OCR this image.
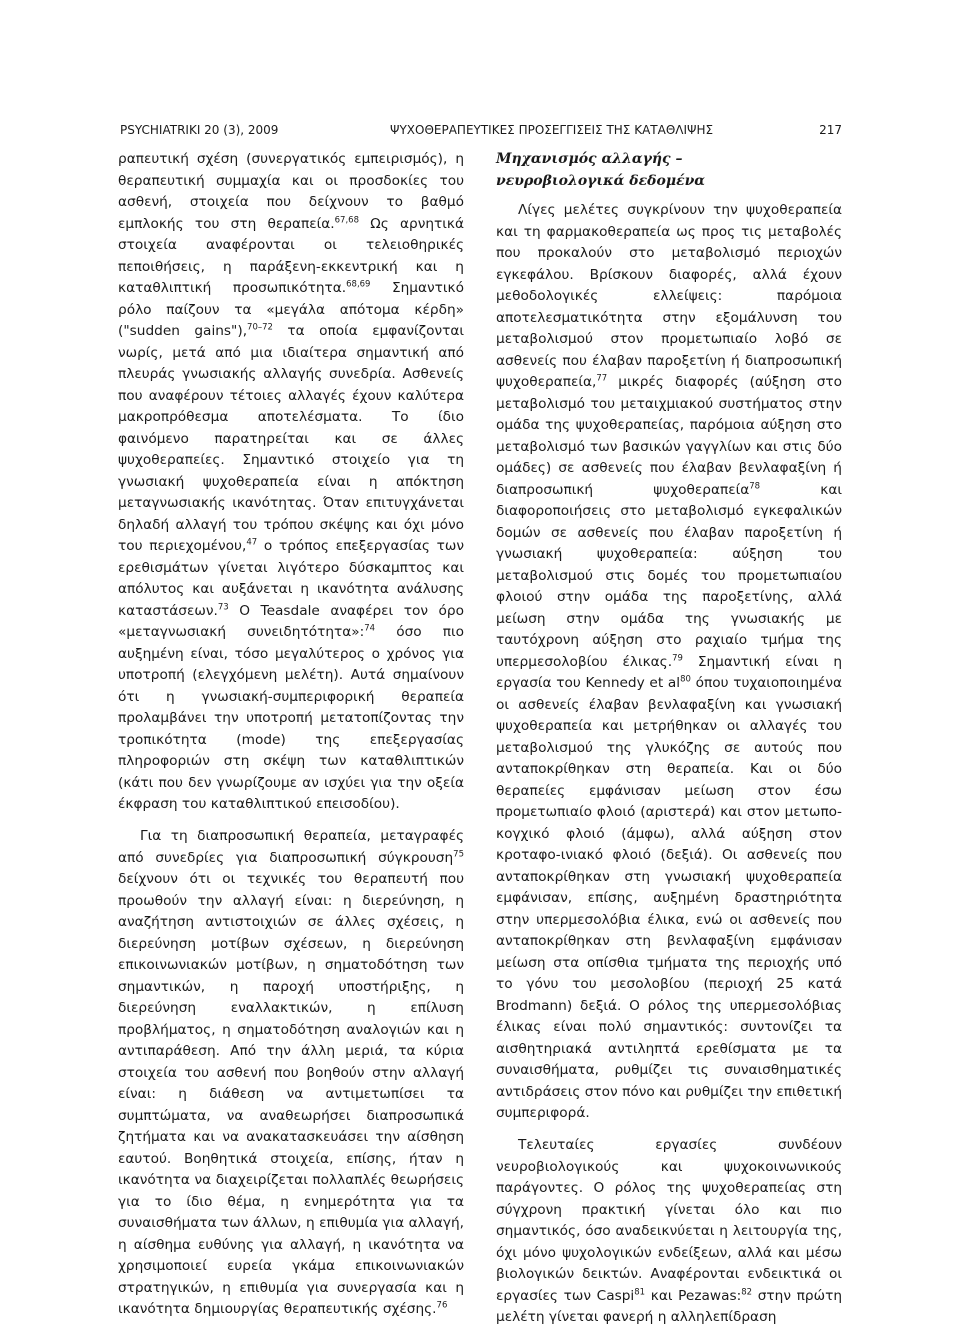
PSYCHIATRIKI 20 (3), 2009	ΨΥΧΟΘΕΡΑΠΕΥΤΙΚΕΣ ΠΡΟΣΕΓΓΙΣΕΙΣ ΤΗΣ ΚΑΤΑΘΛΙΨΗΣ	217

ραπευτική σχέση (συνεργατικός εμπειρισμός), η θεραπευτική συμμαχία και οι προσδοκίες του ασθενή, στοιχεία που δείχνουν το βαθμό εμπλοκής του στη θεραπεία.$^{67,68}$ Ως αρνητικά στοιχεία αναφέρονται οι τελειοθηρικές πεποιθήσεις, η παράξενη-εκκεντρική και η καταθλιπτική προσωπικότητα.$^{68,69}$ Σημαντικό ρόλο παίζουν τα «μεγάλα απότομα κέρδη» ("sudden gains"),$^{70-72}$ τα οποία εμφανίζονται νωρίς, μετά από μια ιδιαίτερα σημαντική από πλευράς γνωσιακής αλλαγής συνεδρία. Ασθενείς που αναφέρουν τέτοιες αλλαγές έχουν καλύτερα μακροπρόθεσμα αποτελέσματα. Το ίδιο φαινόμενο παρατηρείται και σε άλλες ψυχοθεραπείες. Σημαντικό στοιχείο για τη γνωσιακή ψυχοθεραπεία είναι η απόκτηση μεταγνωσιακής ικανότητας. Όταν επιτυγχάνεται δηλαδή αλλαγή του τρόπου σκέψης και όχι μόνο του περιεχομένου,$^{47}$ ο τρόπος επεξεργασίας των ερεθισμάτων γίνεται λιγότερο δύσκαμπτος και απόλυτος και αυξάνεται η ικανότητα ανάλυσης καταστάσεων.$^{73}$ Ο Teasdale αναφέρει τον όρο «μεταγνωσιακή συνειδητότητα»:$^{74}$ όσο πιο αυξημένη είναι, τόσο μεγαλύτερος ο χρόνος για υποτροπή (ελεγχόμενη μελέτη). Αυτά σημαίνουν ότι η γνωσιακή-συμπεριφορική θεραπεία προλαμβάνει την υποτροπή μετατοπίζοντας την τροπικότητα (mode) της επεξεργασίας πληροφοριών στη σκέψη των καταθλιπτικών (κάτι που δεν γνωρίζουμε αν ισχύει για την οξεία έκφραση του καταθλιπτικού επεισοδίου).

Για τη διαπροσωπική θεραπεία, μεταγραφές από συνεδρίες για διαπροσωπική σύγκρουση$^{75}$ δείχνουν ότι οι τεχνικές του θεραπευτή που προωθούν την αλλαγή είναι: η διερεύνηση, η αναζήτηση αντιστοιχιών σε άλλες σχέσεις, η διερεύνηση μοτίβων σχέσεων, η διερεύνηση επικοινωνιακών μοτίβων, η σηματοδότηση των σημαντικών, η παροχή υποστήριξης, η διερεύνηση εναλλακτικών, η επίλυση προβλήματος, η σηματοδότηση αναλογιών και η αντιπαράθεση. Από την άλλη μεριά, τα κύρια στοιχεία του ασθενή που βοηθούν στην αλλαγή είναι: η διάθεση να αντιμετωπίσει τα συμπτώματα, να αναθεωρήσει διαπροσωπικά ζητήματα και να ανακατασκευάσει την αίσθηση εαυτού. Βοηθητικά στοιχεία, επίσης, ήταν η ικανότητα να διαχειρίζεται πολλαπλές θεωρήσεις για το ίδιο θέμα, η ενημερότητα για τα συναισθήματα των άλλων, η επιθυμία για αλλαγή, η αίσθημα ευθύνης για αλλαγή, η ικανότητα να χρησιμοποιεί ευρεία γκάμα επικοινωνιακών στρατηγικών, η επιθυμία για συνεργασία και η ικανότητα δημιουργίας θεραπευτικής σχέσης.$^{76}$

Μηχανισμός αλλαγής –
νευροβιολογικά δεδομένα

Λίγες μελέτες συγκρίνουν την ψυχοθεραπεία και τη φαρμακοθεραπεία ως προς τις μεταβολές που προκαλούν στο μεταβολισμό περιοχών εγκεφάλου. Βρίσκουν διαφορές, αλλά έχουν μεθοδολογικές ελλείψεις: παρόμοια αποτελεσματικότητα στην εξομάλυνση του μεταβολισμού στον προμετωπιαίο λοβό σε ασθενείς που έλαβαν παροξετίνη ή διαπροσωπική ψυχοθεραπεία,$^{77}$ μικρές διαφορές (αύξηση στο μεταβολισμό του μεταιχμιακού συστήματος στην ομάδα της ψυχοθεραπείας, παρόμοια αύξηση στο μεταβολισμό των βασικών γαγγλίων και στις δύο ομάδες) σε ασθενείς που έλαβαν βενλαφαξίνη ή διαπροσωπική ψυχοθεραπεία$^{78}$ και διαφοροποιήσεις στο μεταβολισμό εγκεφαλικών δομών σε ασθενείς που έλαβαν παροξετίνη ή γνωσιακή ψυχοθεραπεία: αύξηση του μεταβολισμού στις δομές του προμετωπιαίου φλοιού στην ομάδα της παροξετίνης, αλλά μείωση στην ομάδα της γνωσιακής με ταυτόχρονη αύξηση στο ραχιαίο τμήμα της υπερμεσολοβίου έλικας.$^{79}$ Σημαντική είναι η εργασία του Kennedy et $al^{80}$ όπου τυχαιοποιημένα οι ασθενείς έλαβαν βενλαφαξίνη και γνωσιακή ψυχοθεραπεία και μετρήθηκαν οι αλλαγές του μεταβολισμού της γλυκόζης σε αυτούς που ανταποκρίθηκαν στη θεραπεία. Και οι δύο θεραπείες εμφάνισαν μείωση στον έσω προμετωπιαίο φλοιό (αριστερά) και στον μετωπο-κογχικό φλοιό (άμφω), αλλά αύξηση στον κροταφο-ινιακό φλοιό (δεξιά). Οι ασθενείς που ανταποκρίθηκαν στη γνωσιακή ψυχοθεραπεία εμφάνισαν, επίσης, αυξημένη δραστηριότητα στην υπερμεσολόβια έλικα, ενώ οι ασθενείς που ανταποκρίθηκαν στη βενλαφαξίνη εμφάνισαν μείωση στα οπίσθια τμήματα της περιοχής υπό το γόνυ του μεσολοβίου (περιοχή 25 κατά Brodmann) δεξιά. Ο ρόλος της υπερμεσολόβιας έλικας είναι πολύ σημαντικός: συντονίζει τα αισθητηριακά αντιληπτά ερεθίσματα με τα συναισθήματα, ρυθμίζει τις συναισθηματικές αντιδράσεις στον πόνο και ρυθμίζει την επιθετική συμπεριφορά.

Τελευταίες εργασίες συνδέουν νευροβιολογικούς και ψυχοκοινωνικούς παράγοντες. Ο ρόλος της ψυχοθεραπείας στη σύγχρονη πρακτική γίνεται όλο και πιο σημαντικός, όσο αναδεικνύεται η λειτουργία της, όχι μόνο ψυχολογικών ενδείξεων, αλλά και μέσω βιολογικών δεικτών. Αναφέρονται ενδεικτικά οι εργασίες των Caspi$^{81}$ και Pezawas:$^{82}$ στην πρώτη μελέτη γίνεται φανερή η αλληλεπίδραση
